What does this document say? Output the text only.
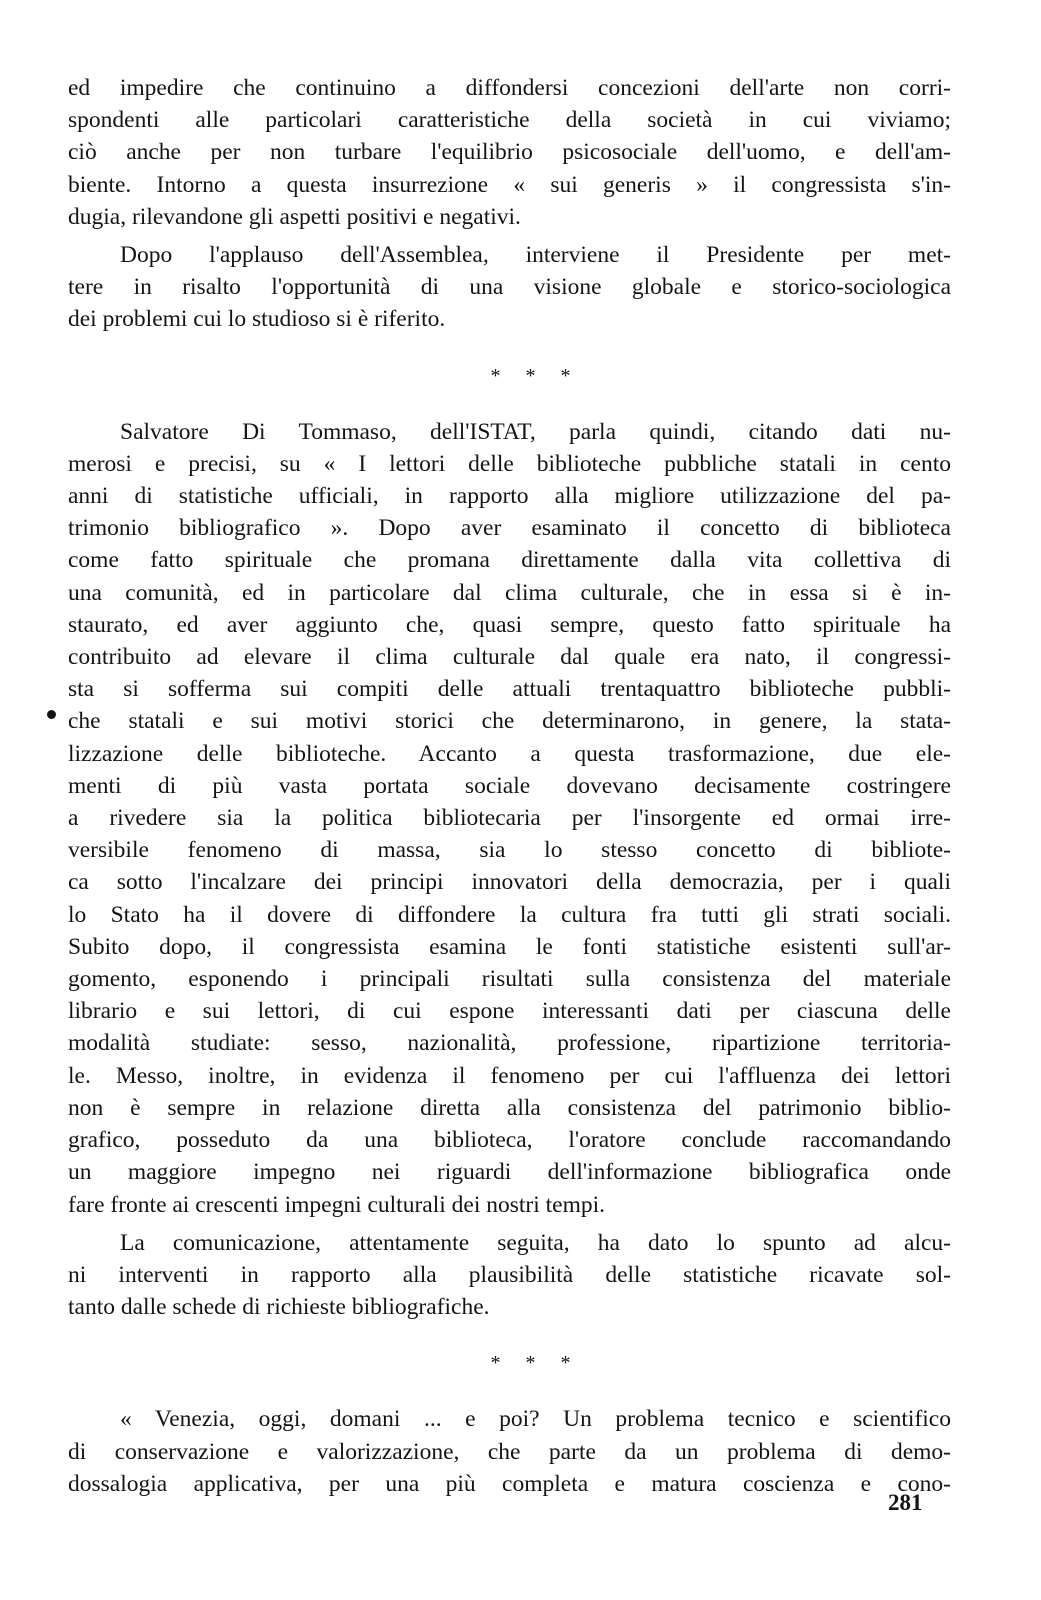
ed impedire che continuino a diffondersi concezioni dell'arte non corri-
spondenti alle particolari caratteristiche della società in cui viviamo;
ciò anche per non turbare l'equilibrio psicosociale dell'uomo, e dell'am-
biente. Intorno a questa insurrezione « sui generis » il congressista s'in-
dugia, rilevandone gli aspetti positivi e negativi.

Dopo l'applauso dell'Assemblea, interviene il Presidente per met-
tere in risalto l'opportunità di una visione globale e storico-sociologica
dei problemi cui lo studioso si è riferito.

* * *

Salvatore Di Tommaso, dell'ISTAT, parla quindi, citando dati nu-
merosi e precisi, su « I lettori delle biblioteche pubbliche statali in cento
anni di statistiche ufficiali, in rapporto alla migliore utilizzazione del pa-
trimonio bibliografico ». Dopo aver esaminato il concetto di biblioteca
come fatto spirituale che promana direttamente dalla vita collettiva di
una comunità, ed in particolare dal clima culturale, che in essa si è in-
staurato, ed aver aggiunto che, quasi sempre, questo fatto spirituale ha
contribuito ad elevare il clima culturale dal quale era nato, il congressi-
sta si sofferma sui compiti delle attuali trentaquattro biblioteche pubbli-
che statali e sui motivi storici che determinarono, in genere, la stata-
lizzazione delle biblioteche. Accanto a questa trasformazione, due ele-
menti di più vasta portata sociale dovevano decisamente costringere
a rivedere sia la politica bibliotecaria per l'insorgente ed ormai irre-
versibile fenomeno di massa, sia lo stesso concetto di bibliote-
ca sotto l'incalzare dei principi innovatori della democrazia, per i quali
lo Stato ha il dovere di diffondere la cultura fra tutti gli strati sociali.
Subito dopo, il congressista esamina le fonti statistiche esistenti sull'ar-
gomento, esponendo i principali risultati sulla consistenza del materiale
librario e sui lettori, di cui espone interessanti dati per ciascuna delle
modalità studiate: sesso, nazionalità, professione, ripartizione territoria-
le. Messo, inoltre, in evidenza il fenomeno per cui l'affluenza dei lettori
non è sempre in relazione diretta alla consistenza del patrimonio biblio-
grafico, posseduto da una biblioteca, l'oratore conclude raccomandando
un maggiore impegno nei riguardi dell'informazione bibliografica onde
fare fronte ai crescenti impegni culturali dei nostri tempi.

La comunicazione, attentamente seguita, ha dato lo spunto ad alcu-
ni interventi in rapporto alla plausibilità delle statistiche ricavate sol-
tanto dalle schede di richieste bibliografiche.

* * *

« Venezia, oggi, domani ... e poi? Un problema tecnico e scientifico
di conservazione e valorizzazione, che parte da un problema di demo-
dossalogia applicativa, per una più completa e matura coscienza e cono-

281
